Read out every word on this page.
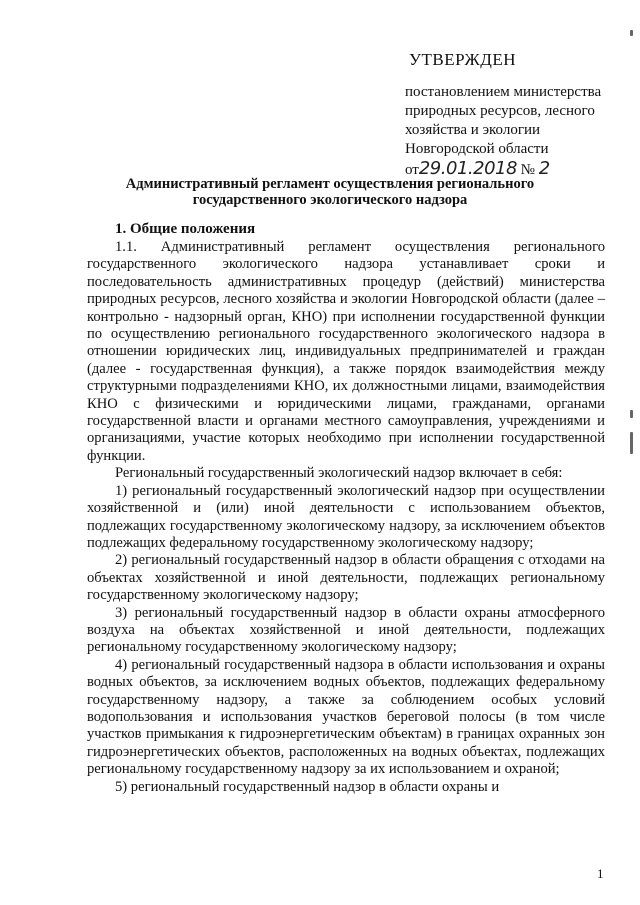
УТВЕРЖДЕН
постановлением министерства
природных ресурсов, лесного
хозяйства и экологии
Новгородской области
от29.01.2018 № 2
Административный регламент осуществления регионального
государственного экологического надзора
1. Общие положения

1.1. Административный регламент осуществления регионального государственного экологического надзора устанавливает сроки и последовательность административных процедур (действий) министерства природных ресурсов, лесного хозяйства и экологии Новгородской области (далее – контрольно - надзорный орган, КНО) при исполнении государственной функции по осуществлению регионального государственного экологического надзора в отношении юридических лиц, индивидуальных предпринимателей и граждан (далее - государственная функция), а также порядок взаимодействия между структурными подразделениями КНО, их должностными лицами, взаимодействия КНО с физическими и юридическими лицами, гражданами, органами государственной власти и органами местного самоуправления, учреждениями и организациями, участие которых необходимо при исполнении государственной функции.

Региональный государственный экологический надзор включает в себя:

1) региональный государственный экологический надзор при осуществлении хозяйственной и (или) иной деятельности с использованием объектов, подлежащих государственному экологическому надзору, за исключением объектов подлежащих федеральному государственному экологическому надзору;

2) региональный государственный надзор в области обращения с отходами на объектах хозяйственной и иной деятельности, подлежащих региональному государственному экологическому надзору;

3) региональный государственный надзор в области охраны атмосферного воздуха на объектах хозяйственной и иной деятельности, подлежащих региональному государственному экологическому надзору;

4) региональный государственный надзора в области использования и охраны водных объектов, за исключением водных объектов, подлежащих федеральному государственному надзору, а также за соблюдением особых условий водопользования и использования участков береговой полосы (в том числе участков примыкания к гидроэнергетическим объектам) в границах охранных зон гидроэнергетических объектов, расположенных на водных объектах, подлежащих региональному государственному надзору за их использованием и охраной;

5) региональный государственный надзор в области охраны и

1
